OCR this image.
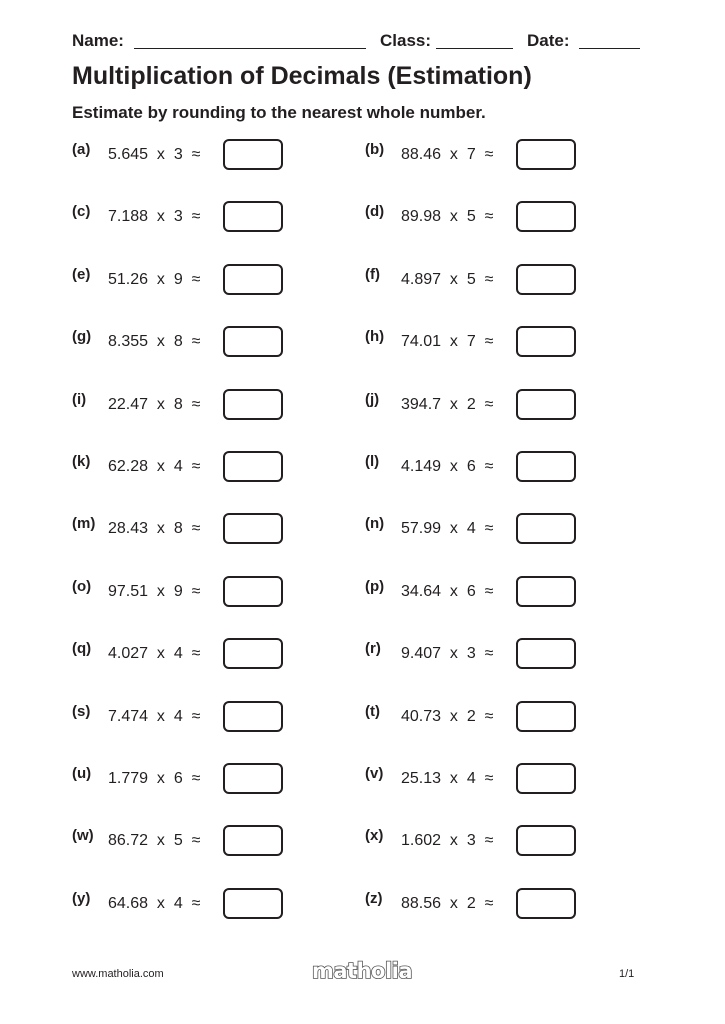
Name:	Class:	Date:
Multiplication of Decimals (Estimation)
Estimate by rounding to the nearest whole number.
(a) 5.645  x  3  ≈
(c) 7.188  x  3  ≈
(e) 51.26  x  9  ≈
(g) 8.355  x  8  ≈
(i) 22.47  x  8  ≈
(k) 62.28  x  4  ≈
(m) 28.43  x  8  ≈
(o) 97.51  x  9  ≈
(q) 4.027  x  4  ≈
(s) 7.474  x  4  ≈
(u) 1.779  x  6  ≈
(w) 86.72  x  5  ≈
(y) 64.68  x  4  ≈
(b) 88.46  x  7  ≈
(d) 89.98  x  5  ≈
(f) 4.897  x  5  ≈
(h) 74.01  x  7  ≈
(j) 394.7  x  2  ≈
(l) 4.149  x  6  ≈
(n) 57.99  x  4  ≈
(p) 34.64  x  6  ≈
(r) 9.407  x  3  ≈
(t) 40.73  x  2  ≈
(v) 25.13  x  4  ≈
(x) 1.602  x  3  ≈
(z) 88.56  x  2  ≈
www.matholia.com	matholia	1/1
